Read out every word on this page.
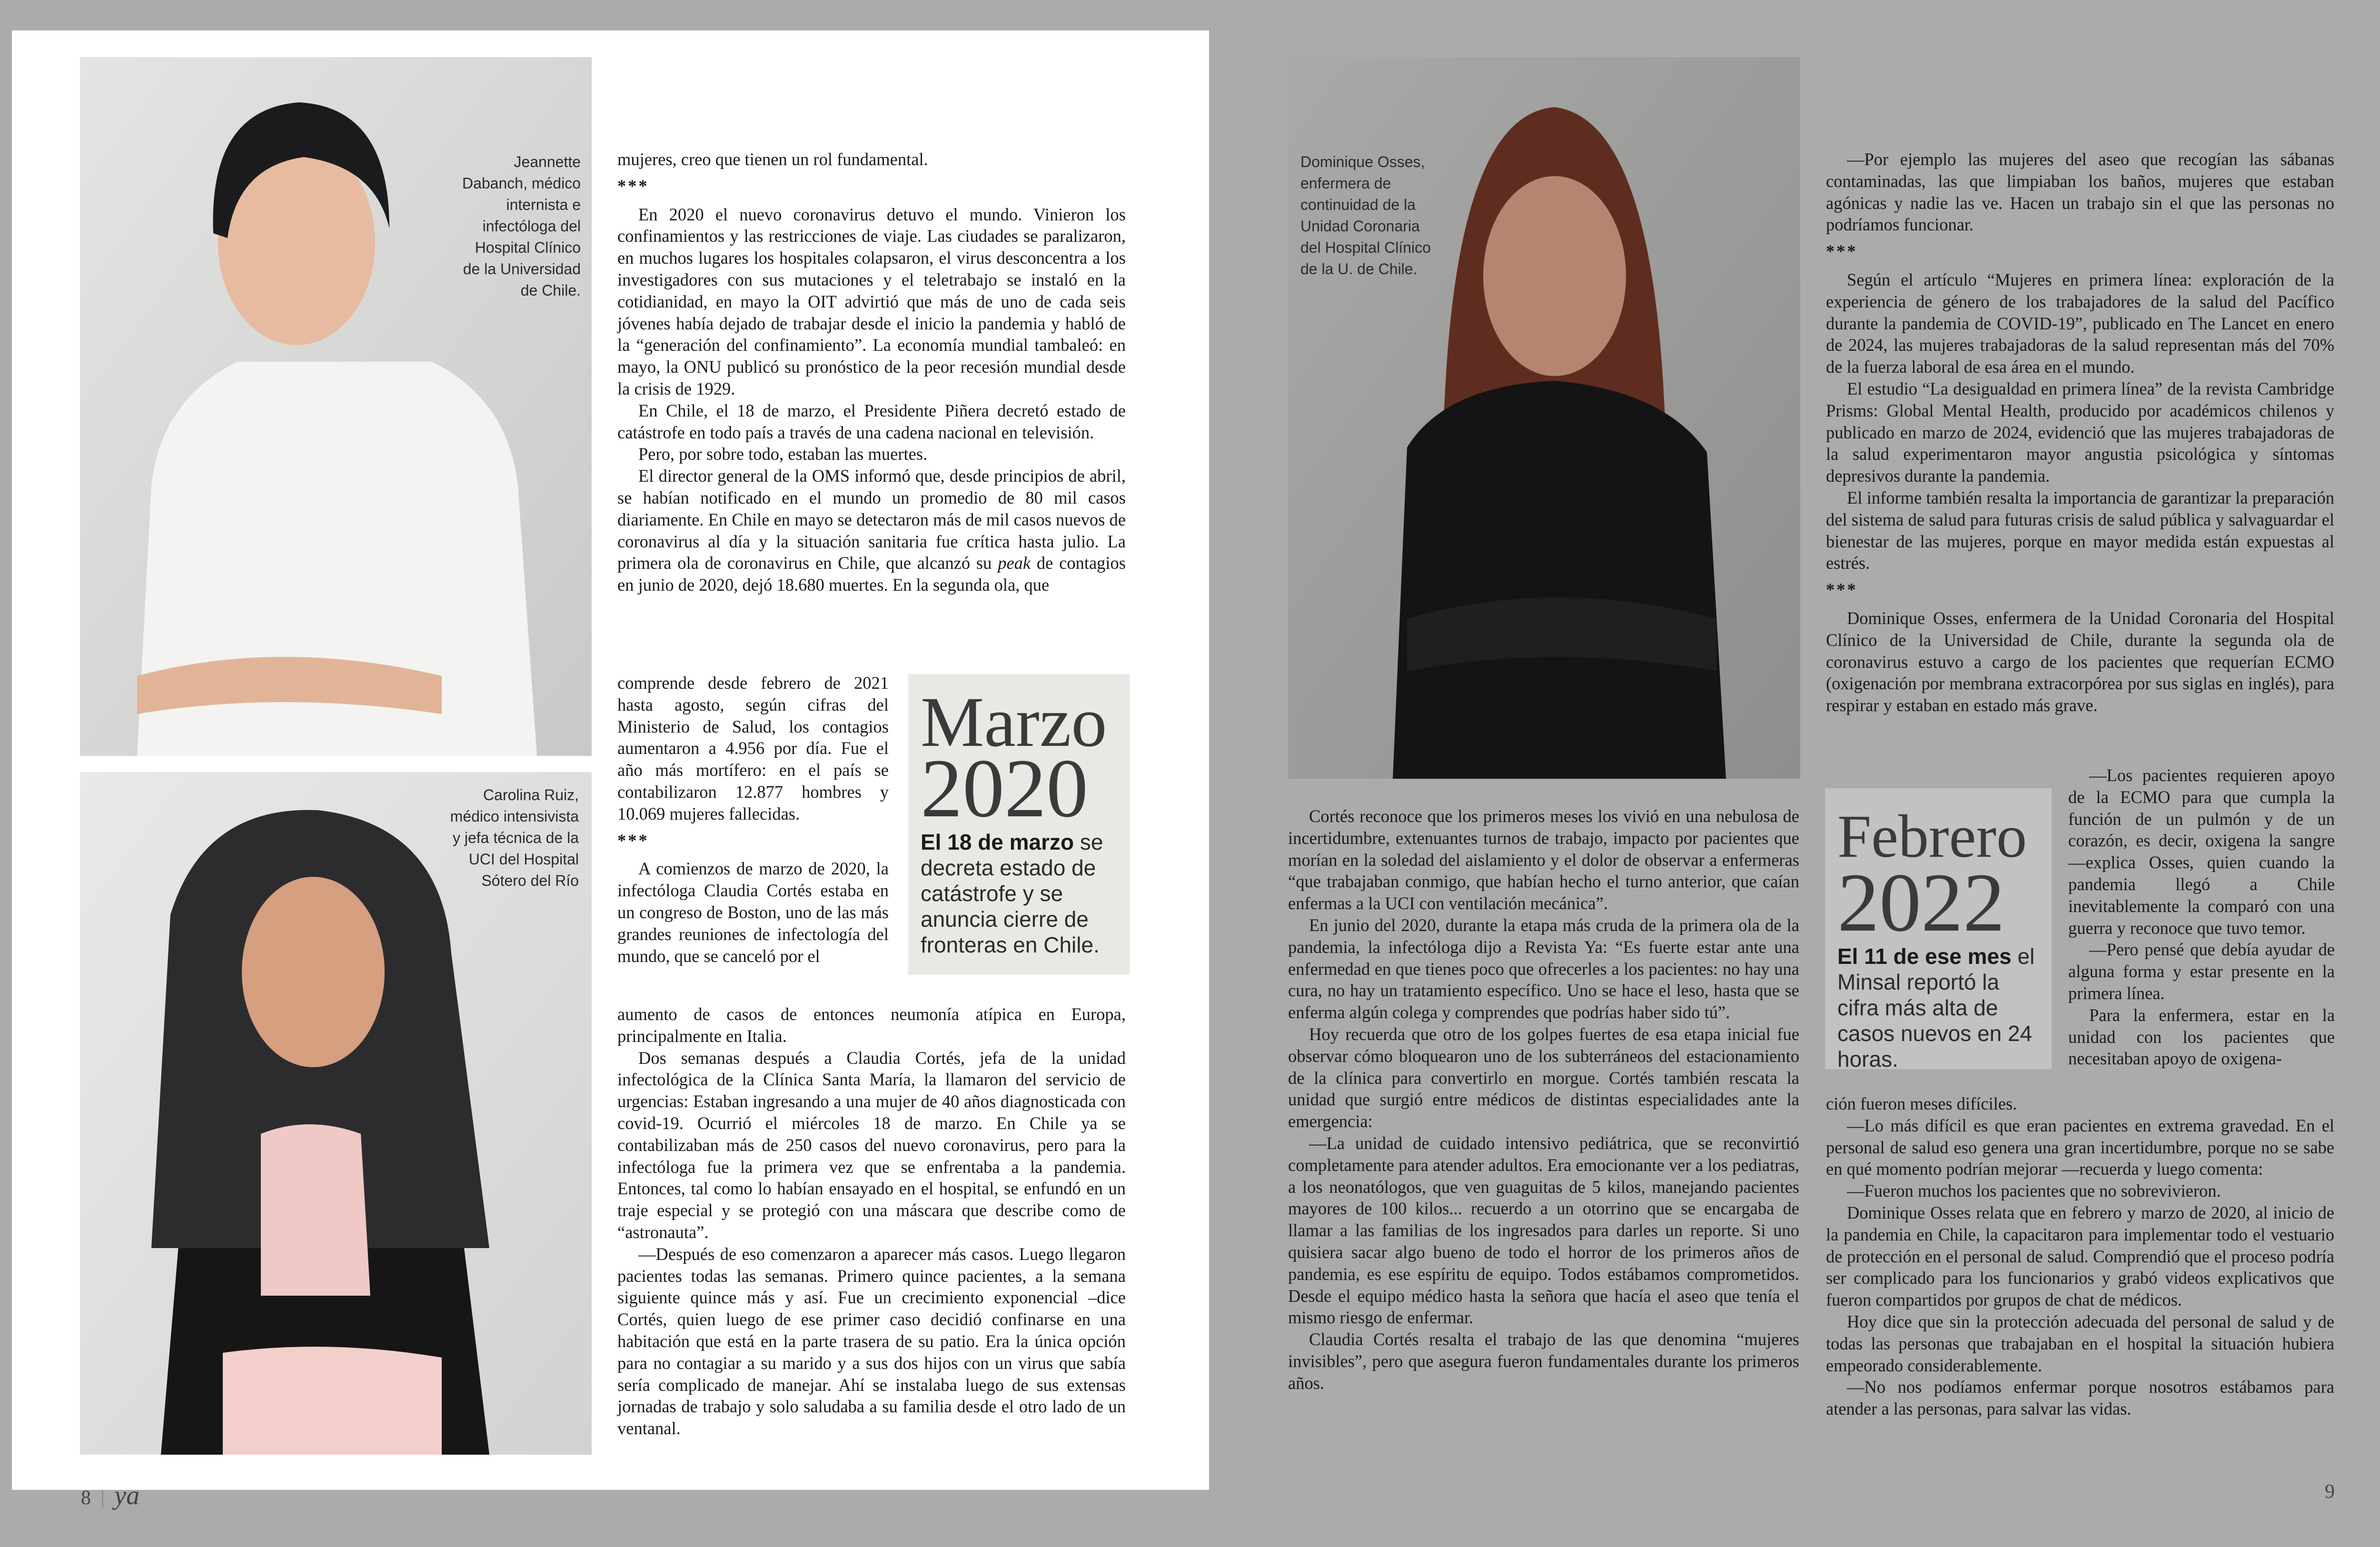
Jeannette Dabanch, médico internista e infectóloga del Hospital Clínico de la Universidad de Chile.
Carolina Ruiz, médico intensivista y jefa técnica de la UCI del Hospital Sótero del Río

mujeres, creo que tienen un rol fundamental.

***

En 2020 el nuevo coronavirus detuvo el mundo. Vinieron los confinamientos y las restricciones de viaje. Las ciudades se paralizaron, en muchos lugares los hospitales colapsaron, el virus desconcentra a los investigadores con sus mutaciones y el teletrabajo se instaló en la cotidianidad, en mayo la OIT advirtió que más de uno de cada seis jóvenes había dejado de trabajar desde el inicio la pandemia y habló de la “generación del confinamiento”. La economía mundial tambaleó: en mayo, la ONU publicó su pronóstico de la peor recesión mundial desde la crisis de 1929.

En Chile, el 18 de marzo, el Presidente Piñera decretó estado de catástrofe en todo país a través de una cadena nacional en televisión.

Pero, por sobre todo, estaban las muertes.

El director general de la OMS informó que, desde principios de abril, se habían notificado en el mundo un promedio de 80 mil casos diariamente. En Chile en mayo se detectaron más de mil casos nuevos de coronavirus al día y la situación sanitaria fue crítica hasta julio. La primera ola de coronavirus en Chile, que alcanzó su peak de contagios en junio de 2020, dejó 18.680 muertes. En la segunda ola, que

comprende desde febrero de 2021 hasta agosto, según cifras del Ministerio de Salud, los contagios aumentaron a 4.956 por día. Fue el año más mortífero: en el país se contabilizaron 12.877 hombres y 10.069 mujeres fallecidas.

***

A comienzos de marzo de 2020, la infectóloga Claudia Cortés estaba en un congreso de Boston, uno de las más grandes reuniones de infectología del mundo, que se canceló por el

Marzo
2020
El 18 de marzo se decreta estado de catástrofe y se anuncia cierre de fronteras en Chile.

aumento de casos de entonces neumonía atípica en Europa, principalmente en Italia.

Dos semanas después a Claudia Cortés, jefa de la unidad infectológica de la Clínica Santa María, la llamaron del servicio de urgencias: Estaban ingresando a una mujer de 40 años diagnosticada con covid-19. Ocurrió el miércoles 18 de marzo. En Chile ya se contabilizaban más de 250 casos del nuevo coronavirus, pero para la infectóloga fue la primera vez que se enfrentaba a la pandemia. Entonces, tal como lo habían ensayado en el hospital, se enfundó en un traje especial y se protegió con una máscara que describe como de “astronauta”.

—Después de eso comenzaron a aparecer más casos. Luego llegaron pacientes todas las semanas. Primero quince pacientes, a la semana siguiente quince más y así. Fue un crecimiento exponencial –dice Cortés, quien luego de ese primer caso decidió confinarse en una habitación que está en la parte trasera de su patio. Era la única opción para no contagiar a su marido y a sus dos hijos con un virus que sabía sería complicado de manejar. Ahí se instalaba luego de sus extensas jornadas de trabajo y solo saludaba a su familia desde el otro lado de un ventanal.

8 | ya
Dominique Osses, enfermera de continuidad de la Unidad Coronaria del Hospital Clínico de la U. de Chile.

Cortés reconoce que los primeros meses los vivió en una nebulosa de incertidumbre, extenuantes turnos de trabajo, impacto por pacientes que morían en la soledad del aislamiento y el dolor de observar a enfermeras “que trabajaban conmigo, que habían hecho el turno anterior, que caían enfermas a la UCI con ventilación mecánica”.

En junio del 2020, durante la etapa más cruda de la primera ola de la pandemia, la infectóloga dijo a Revista Ya: “Es fuerte estar ante una enfermedad en que tienes poco que ofrecerles a los pacientes: no hay una cura, no hay un tratamiento específico. Uno se hace el leso, hasta que se enferma algún colega y comprendes que podrías haber sido tú”.

Hoy recuerda que otro de los golpes fuertes de esa etapa inicial fue observar cómo bloquearon uno de los subterráneos del estacionamiento de la clínica para convertirlo en morgue. Cortés también rescata la unidad que surgió entre médicos de distintas especialidades ante la emergencia:

—La unidad de cuidado intensivo pediátrica, que se reconvirtió completamente para atender adultos. Era emocionante ver a los pediatras, a los neonatólogos, que ven guaguitas de 5 kilos, manejando pacientes mayores de 100 kilos... recuerdo a un otorrino que se encargaba de llamar a las familias de los ingresados para darles un reporte. Si uno quisiera sacar algo bueno de todo el horror de los primeros años de pandemia, es ese espíritu de equipo. Todos estábamos comprometidos. Desde el equipo médico hasta la señora que hacía el aseo que tenía el mismo riesgo de enfermar.

Claudia Cortés resalta el trabajo de las que denomina “mujeres invisibles”, pero que asegura fueron fundamentales durante los primeros años.

—Por ejemplo las mujeres del aseo que recogían las sábanas contaminadas, las que limpiaban los baños, mujeres que estaban agónicas y nadie las ve. Hacen un trabajo sin el que las personas no podríamos funcionar.

***

Según el artículo “Mujeres en primera línea: exploración de la experiencia de género de los trabajadores de la salud del Pacífico durante la pandemia de COVID-19”, publicado en The Lancet en enero de 2024, las mujeres trabajadoras de la salud representan más del 70% de la fuerza laboral de esa área en el mundo.

El estudio “La desigualdad en primera línea” de la revista Cambridge Prisms: Global Mental Health, producido por académicos chilenos y publicado en marzo de 2024, evidenció que las mujeres trabajadoras de la salud experimentaron mayor angustia psicológica y síntomas depresivos durante la pandemia.

El informe también resalta la importancia de garantizar la preparación del sistema de salud para futuras crisis de salud pública y salvaguardar el bienestar de las mujeres, porque en mayor medida están expuestas al estrés.

***

Dominique Osses, enfermera de la Unidad Coronaria del Hospital Clínico de la Universidad de Chile, durante la segunda ola de coronavirus estuvo a cargo de los pacientes que requerían ECMO (oxigenación por membrana extracorpórea por sus siglas en inglés), para respirar y estaban en estado más grave.

Febrero
2022
El 11 de ese mes el Minsal reportó la cifra más alta de casos nuevos en 24 horas.

—Los pacientes requieren apoyo de la ECMO para que cumpla la función de un pulmón y de un corazón, es decir, oxigena la sangre —explica Osses, quien cuando la pandemia llegó a Chile inevitablemente la comparó con una guerra y reconoce que tuvo temor.

—Pero pensé que debía ayudar de alguna forma y estar presente en la primera línea.

Para la enfermera, estar en la unidad con los pacientes que necesitaban apoyo de oxigena-

ción fueron meses difíciles.

—Lo más difícil es que eran pacientes en extrema gravedad. En el personal de salud eso genera una gran incertidumbre, porque no se sabe en qué momento podrían mejorar —recuerda y luego comenta:

—Fueron muchos los pacientes que no sobrevivieron.

Dominique Osses relata que en febrero y marzo de 2020, al inicio de la pandemia en Chile, la capacitaron para implementar todo el vestuario de protección en el personal de salud. Comprendió que el proceso podría ser complicado para los funcionarios y grabó videos explicativos que fueron compartidos por grupos de chat de médicos.

Hoy dice que sin la protección adecuada del personal de salud y de todas las personas que trabajaban en el hospital la situación hubiera empeorado considerablemente.

—No nos podíamos enfermar porque nosotros estábamos para atender a las personas, para salvar las vidas.

9
